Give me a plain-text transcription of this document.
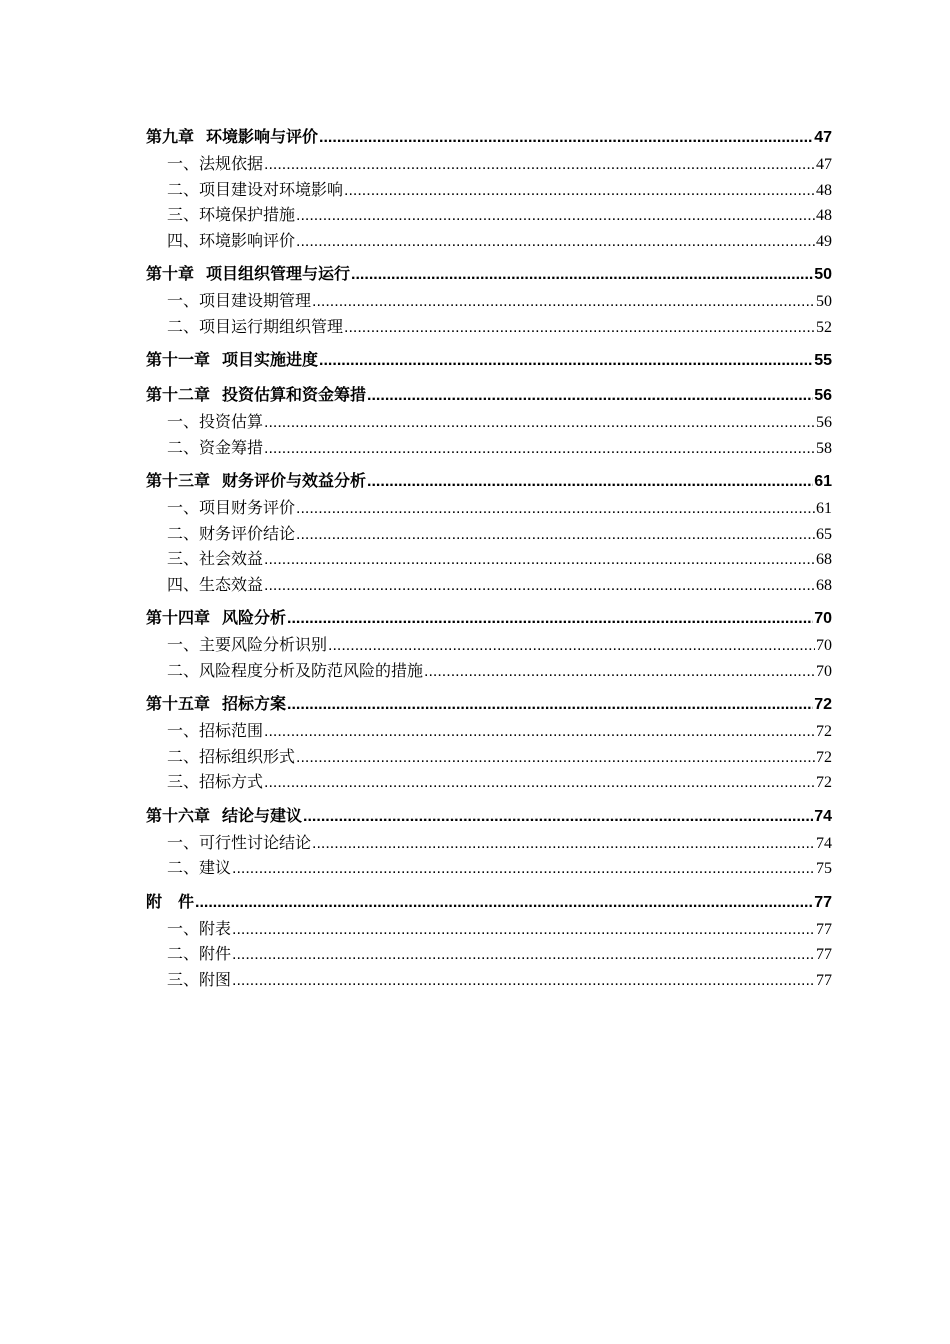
第九章 环境影响与评价 .....	47
一、法规依据 .....	47
二、项目建设对环境影响 .....	48
三、环境保护措施 .....	48
四、环境影响评价 .....	49
第十章 项目组织管理与运行 .....	50
一、项目建设期管理 .....	50
二、项目运行期组织管理 .....	52
第十一章 项目实施进度 .....	55
第十二章 投资估算和资金筹措 .....	56
一、投资估算 .....	56
二、资金筹措 .....	58
第十三章 财务评价与效益分析 .....	61
一、项目财务评价 .....	61
二、财务评价结论 .....	65
三、社会效益 .....	68
四、生态效益 .....	68
第十四章 风险分析 .....	70
一、主要风险分析识别 .....	70
二、风险程度分析及防范风险的措施 .....	70
第十五章 招标方案 .....	72
一、招标范围 .....	72
二、招标组织形式 .....	72
三、招标方式 .....	72
第十六章 结论与建议 .....	74
一、可行性讨论结论 .....	74
二、建议 .....	75
附　件 .....	77
一、附表 .....	77
二、附件 .....	77
三、附图 .....	77
